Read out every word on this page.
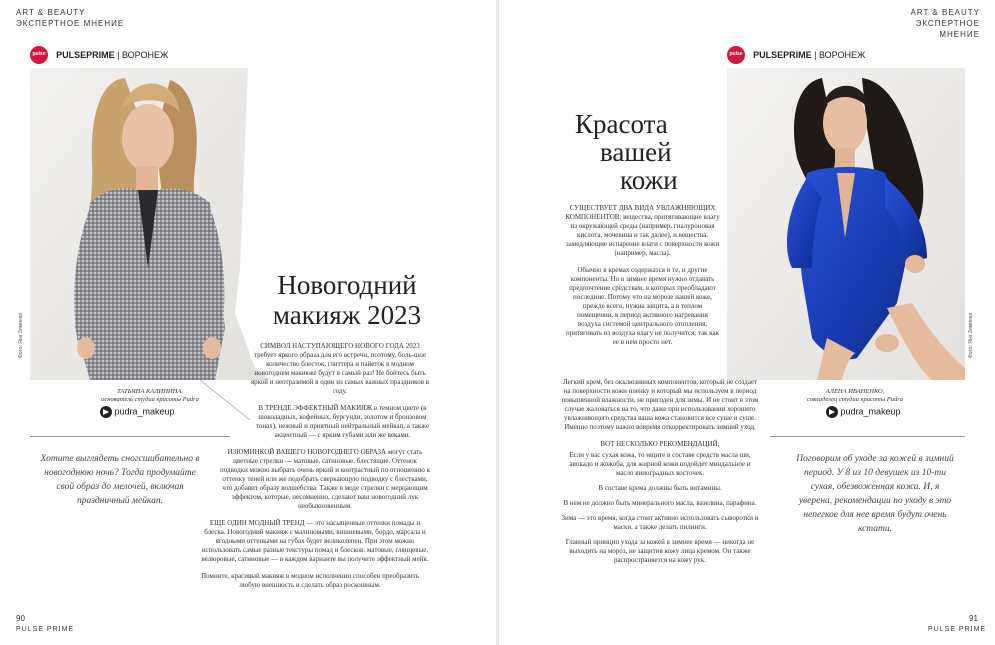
ART & BEAUTY
ЭКСПЕРТНОЕ МНЕНИЕ
pulse PULSEPRIME | ВОРОНЕЖ
Фото: Яна Зиминер
ТАТЬЯНА КАЛИНИНА,
основатель студии красоты Pudra
pudra_makeup
Хотите выглядеть сногсшибательно в новогоднюю ночь? Тогда продумайте свой образ до мелочей, включая праздничный мейкап.
Новогодний
макияж 2023

СИМВОЛ НАСТУПАЮЩЕГО НОВОГО ГОДА 2023 требует яркого образа для его встречи, поэтому, боль-шое количество блесток, глиттера и пайеток в модном новогоднем макияже будут в самый раз! Не бойтесь быть яркой и неотразимой в один из самых важных праздников в году.

В ТРЕНДЕ ЭФФЕКТНЫЙ МАКИЯЖ в темном цвете (в шоколадных, кофейных, бургунди, золотом и бронзовом тонах), нежный и приятный нейтральный мейкап, а также акцентный — с ярким губами или же веками.

ИЗЮМИНКОЙ ВАШЕГО НОВОГОДНЕГО ОБРАЗА могут стать цветные стрелки — матовые, сатиновые, блестящие. Оттенок подводки можно выбрать очень яркий и контрастный по отношению к оттенку теней или же подобрать сверкающую подводку с блестками, что добавит образу волшебства. Также в моде стрелки с мерцающим эффектом, которые, несомненно, сделают ваш новогодний лук необыкновенным.

ЕЩЕ ОДИН МОДНЫЙ ТРЕНД — это насыщенные оттенки помады и блеска. Новогодний макияж с малиновыми, вишневыми, бордо, марсала и ягодными оттенками на губах будет великолепен. При этом можно использовать самые разные текстуры помад и блесков: матовые, глянцевые, велюровые, сатиновые — в каждом варианте вы получите эффектный мейк.

Помните, красивый макияж в модном исполнении способен преобразить любую внешность и сделать образ роскошным.

90
PULSE PRIME
ART & BEAUTY
ЭКСПЕРТНОЕ МНЕНИЕ
pulse PULSEPRIME | ВОРОНЕЖ
Фото: Яна Зиминер
АЛЕНА ИВАНЕНКО,
совладелец студии красоты Pudra
pudra_makeup
Поговорим об уходе за кожей в зимний период. У 8 из 10 девушек из 10-ти сухая, обезвоженная кожа. И, я уверена, рекомендации по уходу в это непегкое для нее время будут очень кстати.
Красота
вашей
кожи

СУЩЕСТВУЕТ ДВА ВИДА УВЛАЖНЯЮЩИХ КОМПОНЕНТОВ: вещества, притягивающие влагу из окружающей среды (например, гиалуроновая кислота, мочевина и так далее), и вещества, замедляющие испарение влаги с поверхности кожи (например, масла).

Обычно в кремах содержатся и те, и другие компоненты. Но в зимнее время нужно отдавать предпочтение средствам, в которых преобладают последние. Потому что на морозе нашей коже, прежде всего, нужна защита, а в теплом помещении, в период активного нагревания воздуха системой центрального отопления, притягивать из воздуха влагу не получится, так как ее в нем просто нет.

Легкий крем, без окклюзивных компонентов, который не создает на поверхности кожи пленку и который мы используем в период повышенной влажности, не пригоден для зимы. И не стоит в этом случае жаловаться на то, что даже при использовании хорошего увлажняющего средства ваша кожа становится все суше и суше. Именно поэтому важно вовремя откорректировать зимний уход.

ВОТ НЕСКОЛЬКО РЕКОМЕНДАЦИЙ:

Если у вас сухая кожа, то ищите в составе средств масла ши, авокадо и жожоба, для жирной кожи подойдет миндальное и масло виноградных косточек.

В составе крема должны быть витамины.

В нем не должно быть минерального масла, вазелина, парафина.

Зима — это время, когда стоит активно использовать сыворотки и маски, а также делать пилинги.

Главный принцип ухода за кожей в зимнее время — никогда не выходить на мороз, не защитив кожу лица кремом. Он также распространяется на кожу рук.

91
PULSE PRIME
